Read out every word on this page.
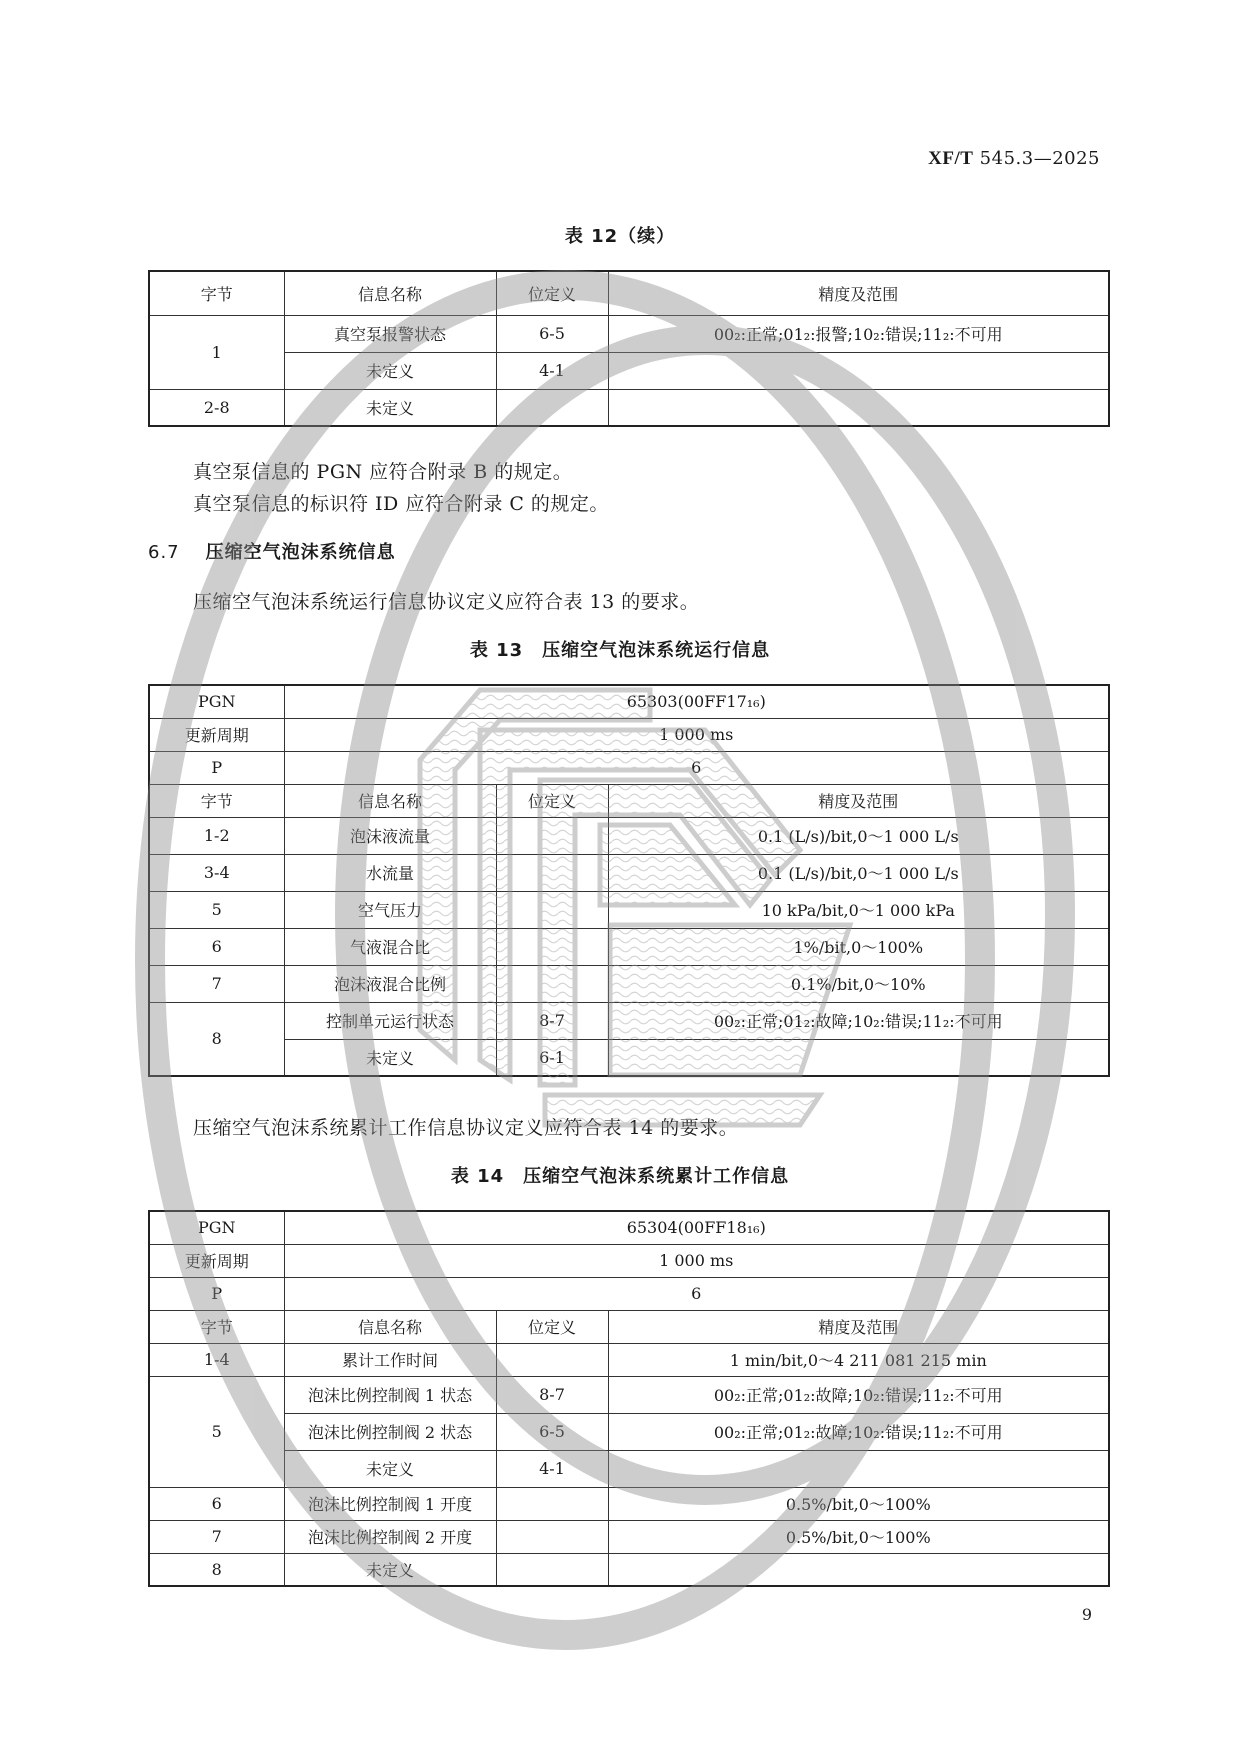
XF/T 545.3—2025
表 12（续）
字节	信息名称	位定义	精度及范围
1	真空泵报警状态	6-5	00₂:正常;01₂:报警;10₂:错误;11₂:不可用
	未定义	4-1	
2-8	未定义		
真空泵信息的 PGN 应符合附录 B 的规定。
真空泵信息的标识符 ID 应符合附录 C 的规定。
6.7 压缩空气泡沫系统信息
压缩空气泡沫系统运行信息协议定义应符合表 13 的要求。
表 13　压缩空气泡沫系统运行信息
PGN	65303(00FF17₁₆)		
更新周期	1 000 ms		
P	6		
字节	信息名称	位定义	精度及范围
1-2	泡沫液流量		0.1 (L/s)/bit,0～1 000 L/s
3-4	水流量		0.1 (L/s)/bit,0～1 000 L/s
5	空气压力		10 kPa/bit,0～1 000 kPa
6	气液混合比		1%/bit,0～100%
7	泡沫液混合比例		0.1%/bit,0～10%
8	控制单元运行状态	8-7	00₂:正常;01₂:故障;10₂:错误;11₂:不可用
	未定义	6-1	
压缩空气泡沫系统累计工作信息协议定义应符合表 14 的要求。
表 14　压缩空气泡沫系统累计工作信息
PGN	65304(00FF18₁₆)		
更新周期	1 000 ms		
P	6		
字节	信息名称	位定义	精度及范围
1-4	累计工作时间		1 min/bit,0～4 211 081 215 min
5	泡沫比例控制阀 1 状态	8-7	00₂:正常;01₂:故障;10₂:错误;11₂:不可用
	泡沫比例控制阀 2 状态	6-5	00₂:正常;01₂:故障;10₂:错误;11₂:不可用
	未定义	4-1	
6	泡沫比例控制阀 1 开度		0.5%/bit,0～100%
7	泡沫比例控制阀 2 开度		0.5%/bit,0～100%
8	未定义		
9
